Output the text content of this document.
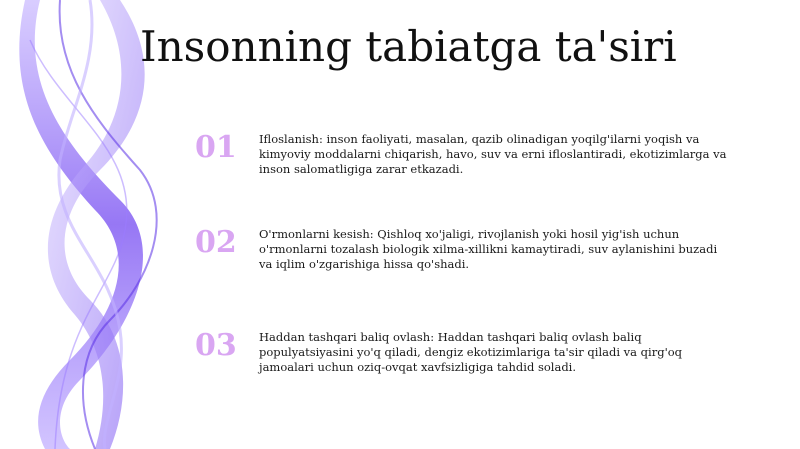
Insonning tabiatga ta'siri
01	Ifloslanish: inson faoliyati, masalan, qazib olinadigan yoqilg'ilarni yoqish va kimyoviy moddalarni chiqarish, havo, suv va erni ifloslantiradi, ekotizimlarga va inson salomatligiga zarar etkazadi.
02	O'rmonlarni kesish: Qishloq xo'jaligi, rivojlanish yoki hosil yig'ish uchun o'rmonlarni tozalash biologik xilma-xillikni kamaytiradi, suv aylanishini buzadi va iqlim o'zgarishiga hissa qo'shadi.
03	Haddan tashqari baliq ovlash: Haddan tashqari baliq ovlash baliq populyatsiyasini yo'q qiladi, dengiz ekotizimlariga ta'sir qiladi va qirg'oq jamoalari uchun oziq-ovqat xavfsizligiga tahdid soladi.
